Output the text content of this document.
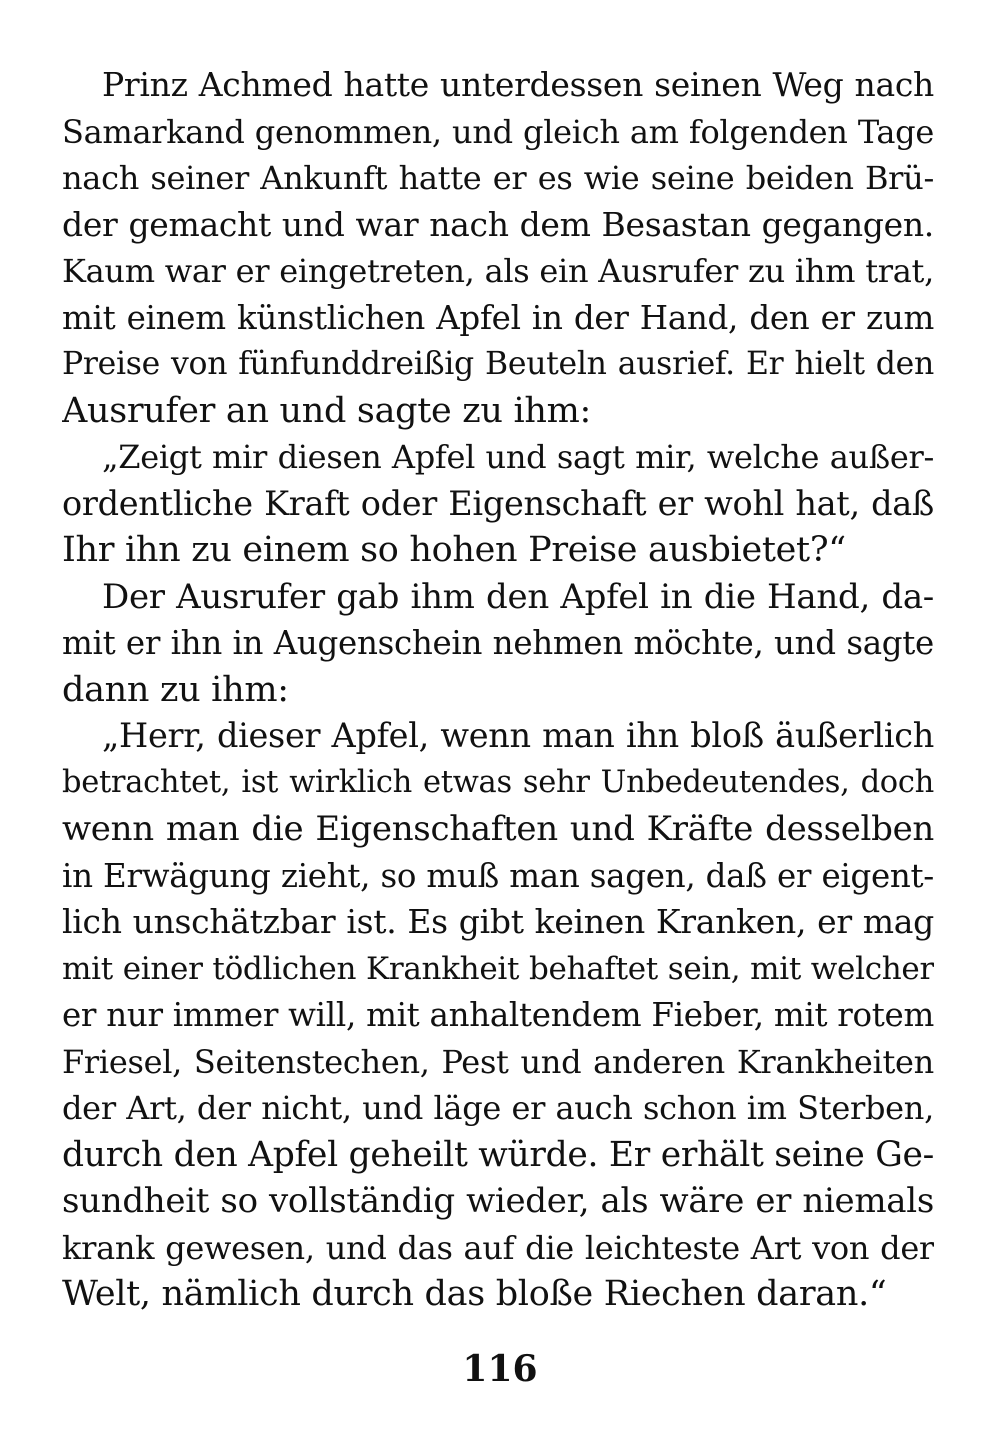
Prinz Achmed hatte unterdessen seinen Weg nach
Samarkand genommen, und gleich am folgenden Tage
nach seiner Ankunft hatte er es wie seine beiden Brü-
der gemacht und war nach dem Besastan gegangen.
Kaum war er eingetreten, als ein Ausrufer zu ihm trat,
mit einem künstlichen Apfel in der Hand, den er zum
Preise von fünfunddreißig Beuteln ausrief. Er hielt den
Ausrufer an und sagte zu ihm:
„Zeigt mir diesen Apfel und sagt mir, welche außer-
ordentliche Kraft oder Eigenschaft er wohl hat, daß
Ihr ihn zu einem so hohen Preise ausbietet?“
Der Ausrufer gab ihm den Apfel in die Hand, da-
mit er ihn in Augenschein nehmen möchte, und sagte
dann zu ihm:
„Herr, dieser Apfel, wenn man ihn bloß äußerlich
betrachtet, ist wirklich etwas sehr Unbedeutendes, doch
wenn man die Eigenschaften und Kräfte desselben
in Erwägung zieht, so muß man sagen, daß er eigent-
lich unschätzbar ist. Es gibt keinen Kranken, er mag
mit einer tödlichen Krankheit behaftet sein, mit welcher
er nur immer will, mit anhaltendem Fieber, mit rotem
Friesel, Seitenstechen, Pest und anderen Krankheiten
der Art, der nicht, und läge er auch schon im Sterben,
durch den Apfel geheilt würde. Er erhält seine Ge-
sundheit so vollständig wieder, als wäre er niemals
krank gewesen, und das auf die leichteste Art von der
Welt, nämlich durch das bloße Riechen daran.“
116
